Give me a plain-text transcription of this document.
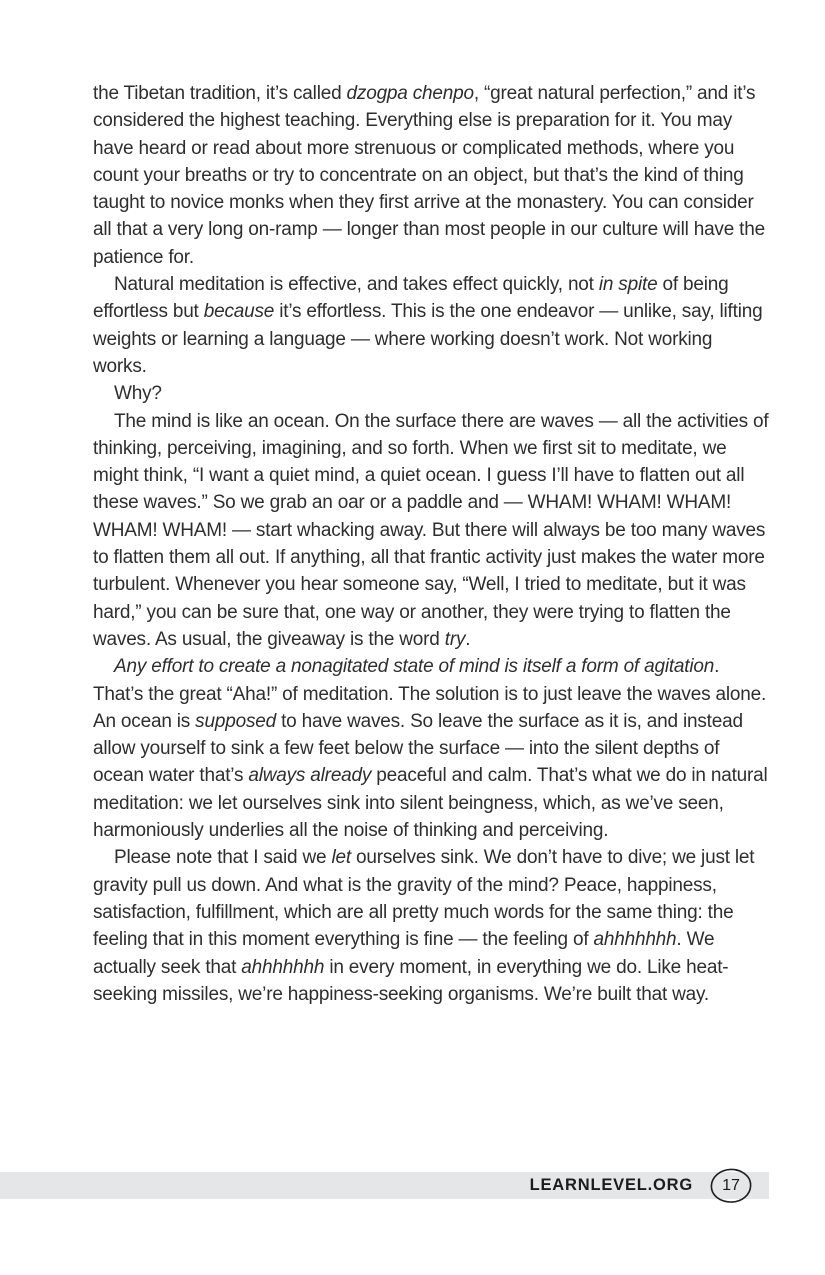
the Tibetan tradition, it’s called dzogpa chenpo, “great natural perfection,” and it’s considered the highest teaching. Everything else is preparation for it. You may have heard or read about more strenuous or complicated methods, where you count your breaths or try to concentrate on an object, but that’s the kind of thing taught to novice monks when they first arrive at the monastery. You can consider all that a very long on-ramp — longer than most people in our culture will have the patience for.

Natural meditation is effective, and takes effect quickly, not in spite of being effortless but because it’s effortless. This is the one endeavor — unlike, say, lifting weights or learning a language — where working doesn’t work. Not working works.

Why?

The mind is like an ocean. On the surface there are waves — all the activities of thinking, perceiving, imagining, and so forth. When we first sit to meditate, we might think, “I want a quiet mind, a quiet ocean. I guess I’ll have to flatten out all these waves.” So we grab an oar or a paddle and — WHAM! WHAM! WHAM! WHAM! WHAM! — start whacking away. But there will always be too many waves to flatten them all out. If anything, all that frantic activity just makes the water more turbulent. Whenever you hear someone say, “Well, I tried to meditate, but it was hard,” you can be sure that, one way or another, they were trying to flatten the waves. As usual, the giveaway is the word try.

Any effort to create a nonagitated state of mind is itself a form of agitation. That’s the great “Aha!” of meditation. The solution is to just leave the waves alone. An ocean is supposed to have waves. So leave the surface as it is, and instead allow yourself to sink a few feet below the surface — into the silent depths of ocean water that’s always already peaceful and calm. That’s what we do in natural meditation: we let ourselves sink into silent beingness, which, as we’ve seen, harmoniously underlies all the noise of thinking and perceiving.

Please note that I said we let ourselves sink. We don’t have to dive; we just let gravity pull us down. And what is the gravity of the mind? Peace, happiness, satisfaction, fulfillment, which are all pretty much words for the same thing: the feeling that in this moment everything is fine — the feeling of ahhhhhhh. We actually seek that ahhhhhhh in every moment, in everything we do. Like heat-seeking missiles, we’re happiness-seeking organisms. We’re built that way.

LEARNLEVEL.ORG	17
